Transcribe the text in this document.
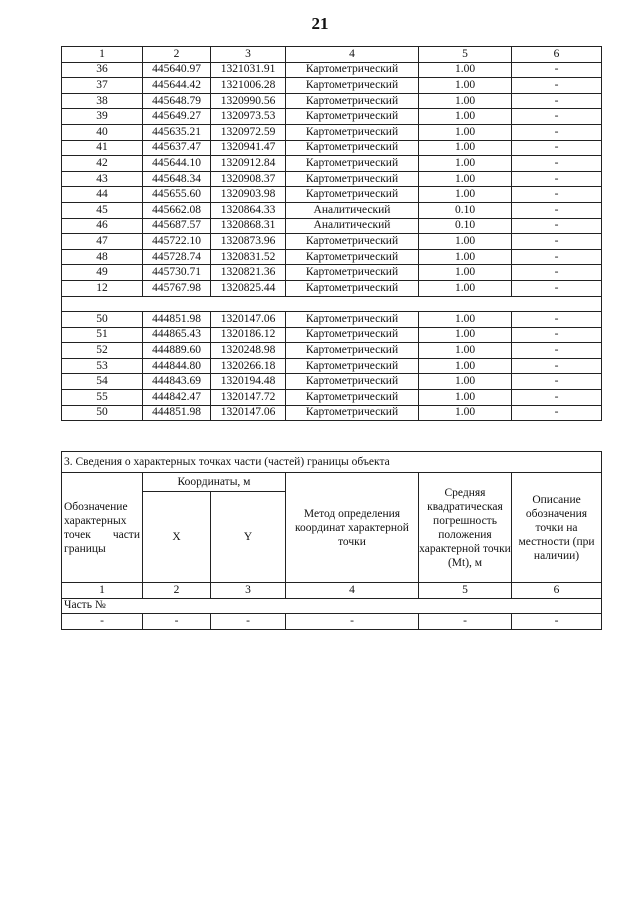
21
1	2	3	4	5	6
36	445640.97	1321031.91	Картометрический	1.00	-
37	445644.42	1321006.28	Картометрический	1.00	-
38	445648.79	1320990.56	Картометрический	1.00	-
39	445649.27	1320973.53	Картометрический	1.00	-
40	445635.21	1320972.59	Картометрический	1.00	-
41	445637.47	1320941.47	Картометрический	1.00	-
42	445644.10	1320912.84	Картометрический	1.00	-
43	445648.34	1320908.37	Картометрический	1.00	-
44	445655.60	1320903.98	Картометрический	1.00	-
45	445662.08	1320864.33	Аналитический	0.10	-
46	445687.57	1320868.31	Аналитический	0.10	-
47	445722.10	1320873.96	Картометрический	1.00	-
48	445728.74	1320831.52	Картометрический	1.00	-
49	445730.71	1320821.36	Картометрический	1.00	-
12	445767.98	1320825.44	Картометрический	1.00	-

50	444851.98	1320147.06	Картометрический	1.00	-
51	444865.43	1320186.12	Картометрический	1.00	-
52	444889.60	1320248.98	Картометрический	1.00	-
53	444844.80	1320266.18	Картометрический	1.00	-
54	444843.69	1320194.48	Картометрический	1.00	-
55	444842.47	1320147.72	Картометрический	1.00	-
50	444851.98	1320147.06	Картометрический	1.00	-
3. Сведения о характерных точках части (частей) границы объекта					
Обозначение характерных точек части границы	Координаты, м		Метод определения координат характерной точки	Средняя квадратическая погрешность положения характерной точки (Mt), м	Описание обозначения точки на местности (при наличии)
	X	Y			
1	2	3	4	5	6
Часть №					
-	-	-	-	-	-
